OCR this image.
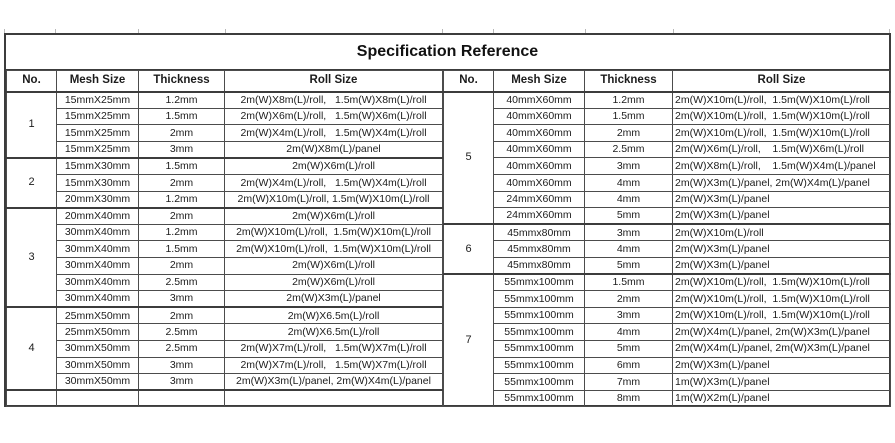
Specification Reference
No.	Mesh Size	Thickness	Roll Size
1	15mmX25mm	1.2mm	2m(W)X8m(L)/roll,   1.5m(W)X8m(L)/roll
	15mmX25mm	1.5mm	2m(W)X6m(L)/roll,   1.5m(W)X6m(L)/roll
	15mmX25mm	2mm	2m(W)X4m(L)/roll,   1.5m(W)X4m(L)/roll
	15mmX25mm	3mm	2m(W)X8m(L)/panel
2	15mmX30mm	1.5mm	2m(W)X6m(L)/roll
	15mmX30mm	2mm	2m(W)X4m(L)/roll,   1.5m(W)X4m(L)/roll
	20mmX30mm	1.2mm	2m(W)X10m(L)/roll, 1.5m(W)X10m(L)/roll
3	20mmX40mm	2mm	2m(W)X6m(L)/roll
	30mmX40mm	1.2mm	2m(W)X10m(L)/roll,  1.5m(W)X10m(L)/roll
	30mmX40mm	1.5mm	2m(W)X10m(L)/roll,  1.5m(W)X10m(L)/roll
	30mmX40mm	2mm	2m(W)X6m(L)/roll
	30mmX40mm	2.5mm	2m(W)X6m(L)/roll
	30mmX40mm	3mm	2m(W)X3m(L)/panel
4	25mmX50mm	2mm	2m(W)X6.5m(L)/roll
	25mmX50mm	2.5mm	2m(W)X6.5m(L)/roll
	30mmX50mm	2.5mm	2m(W)X7m(L)/roll,   1.5m(W)X7m(L)/roll
	30mmX50mm	3mm	2m(W)X7m(L)/roll,   1.5m(W)X7m(L)/roll
	30mmX50mm	3mm	2m(W)X3m(L)/panel, 2m(W)X4m(L)/panel

No.	Mesh Size	Thickness	Roll Size
5	40mmX60mm	1.2mm	2m(W)X10m(L)/roll,  1.5m(W)X10m(L)/roll
	40mmX60mm	1.5mm	2m(W)X10m(L)/roll,  1.5m(W)X10m(L)/roll
	40mmX60mm	2mm	2m(W)X10m(L)/roll,  1.5m(W)X10m(L)/roll
	40mmX60mm	2.5mm	2m(W)X6m(L)/roll,    1.5m(W)X6m(L)/roll
	40mmX60mm	3mm	2m(W)X8m(L)/roll,    1.5m(W)X4m(L)/panel
	40mmX60mm	4mm	2m(W)X3m(L)/panel, 2m(W)X4m(L)/panel
	24mmX60mm	4mm	2m(W)X3m(L)/panel
	24mmX60mm	5mm	2m(W)X3m(L)/panel
6	45mmx80mm	3mm	2m(W)X10m(L)/roll
	45mmx80mm	4mm	2m(W)X3m(L)/panel
	45mmx80mm	5mm	2m(W)X3m(L)/panel
7	55mmx100mm	1.5mm	2m(W)X10m(L)/roll,  1.5m(W)X10m(L)/roll
	55mmx100mm	2mm	2m(W)X10m(L)/roll,  1.5m(W)X10m(L)/roll
	55mmx100mm	3mm	2m(W)X10m(L)/roll,  1.5m(W)X10m(L)/roll
	55mmx100mm	4mm	2m(W)X4m(L)/panel, 2m(W)X3m(L)/panel
	55mmx100mm	5mm	2m(W)X4m(L)/panel, 2m(W)X3m(L)/panel
	55mmx100mm	6mm	2m(W)X3m(L)/panel
	55mmx100mm	7mm	1m(W)X3m(L)/panel
	55mmx100mm	8mm	1m(W)X2m(L)/panel
